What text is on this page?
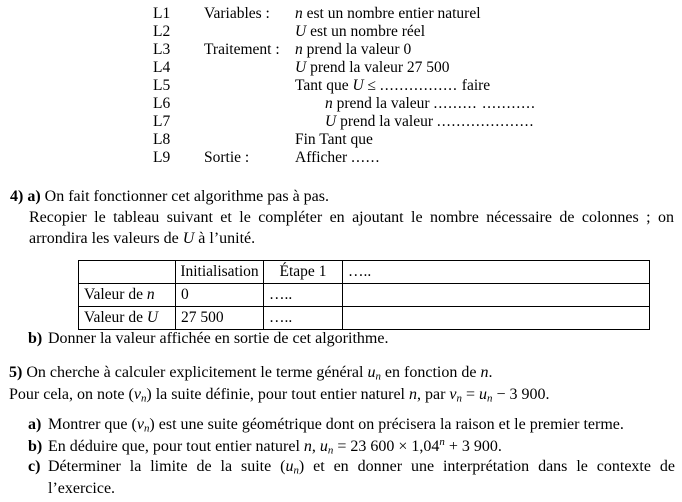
L1 Variables : n est un nombre entier naturel
L2	U est un nombre réel
L3 Traitement : n prend la valeur 0
L4	U prend la valeur 27 500
L5	Tant que U ≤ ................ faire
L6	n prend la valeur ......... ...........
L7	U prend la valeur ....................
L8	Fin Tant que
L9 Sortie :	Afficher ......
4) a) On fait fonctionner cet algorithme pas à pas.
Recopier le tableau suivant et le compléter en ajoutant le nombre nécessaire de colonnes ; on
arrondira les valeurs de U à l’unité.
	Initialisation	Étape 1	…..
Valeur de n	0	…..	
Valeur de U	27 500	…..	
b) Donner la valeur affichée en sortie de cet algorithme.
5) On cherche à calculer explicitement le terme général $u_n$ en fonction de n.
Pour cela, on note $(v_n)$ la suite définie, pour tout entier naturel n, par $v_n = u_n - 3$ 900.
a) Montrer que $(v_n)$ est une suite géométrique dont on précisera la raison et le premier terme.
b) En déduire que, pour tout entier naturel n, $u_n = 23$ $600 \times 1,04^n + 3$ 900.
c) Déterminer la limite de la suite $(u_n)$ et en donner une interprétation dans le contexte de
l’exercice.
